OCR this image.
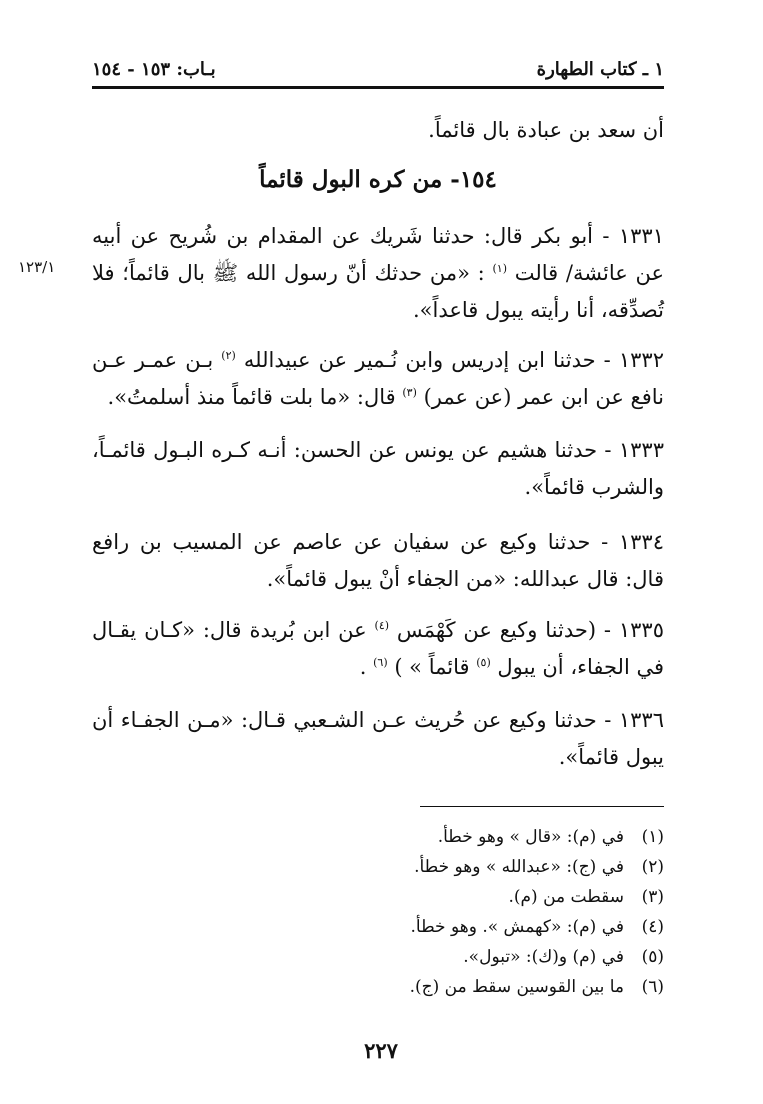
١ ـ كتاب الطهارة
بـاب: ١٥٣ - ١٥٤
أن سعد بن عبادة بال قائماً.
١٥٤- من كره البول قائماً
١٢٣/١
١٣٣١ - أبو بكر قال: حدثنا شَريك عن المقدام بن شُريح عن أبيه عن عائشة/ قالت $^{(١)}$ : «من حدثك أنّ رسول الله ﷺ بال قائماً؛ فلا تُصدِّقه، أنا رأيته يبول قاعداً».
١٣٣٢ - حدثنا ابن إدريس وابن نُـمير عن عبيدالله $^{(٢)}$ بـن عمـر عـن نافع عن ابن عمر (عن عمر) $^{(٣)}$ قال: «ما بلت قائماً منذ أسلمتُ».
١٣٣٣ - حدثنا هشيم عن يونس عن الحسن: أنـه كـره البـول قائمـاً، والشرب قائماً».
١٣٣٤ - حدثنا وكيع عن سفيان عن عاصم عن المسيب بن رافع قال: قال عبدالله: «من الجفاء أنْ يبول قائماً».
١٣٣٥ - (حدثنا وكيع عن كَهْمَس $^{(٤)}$ عن ابن بُريدة قال: «كـان يقـال في الجفاء، أن يبول $^{(٥)}$ قائماً » ) $^{(٦)}$ .
١٣٣٦ - حدثنا وكيع عن حُريث عـن الشـعبي قـال: «مـن الجفـاء أن يبول قائماً».
(١)
في (م): «قال » وهو خطأ.
(٢)
في (ج): «عبدالله » وهو خطأ.
(٣)
سقطت من (م).
(٤)
في (م): «كهمش ». وهو خطأ.
(٥)
في (م) و(ك): «تبول».
(٦)
ما بين القوسين سقط من (ج).
٢٢٧
